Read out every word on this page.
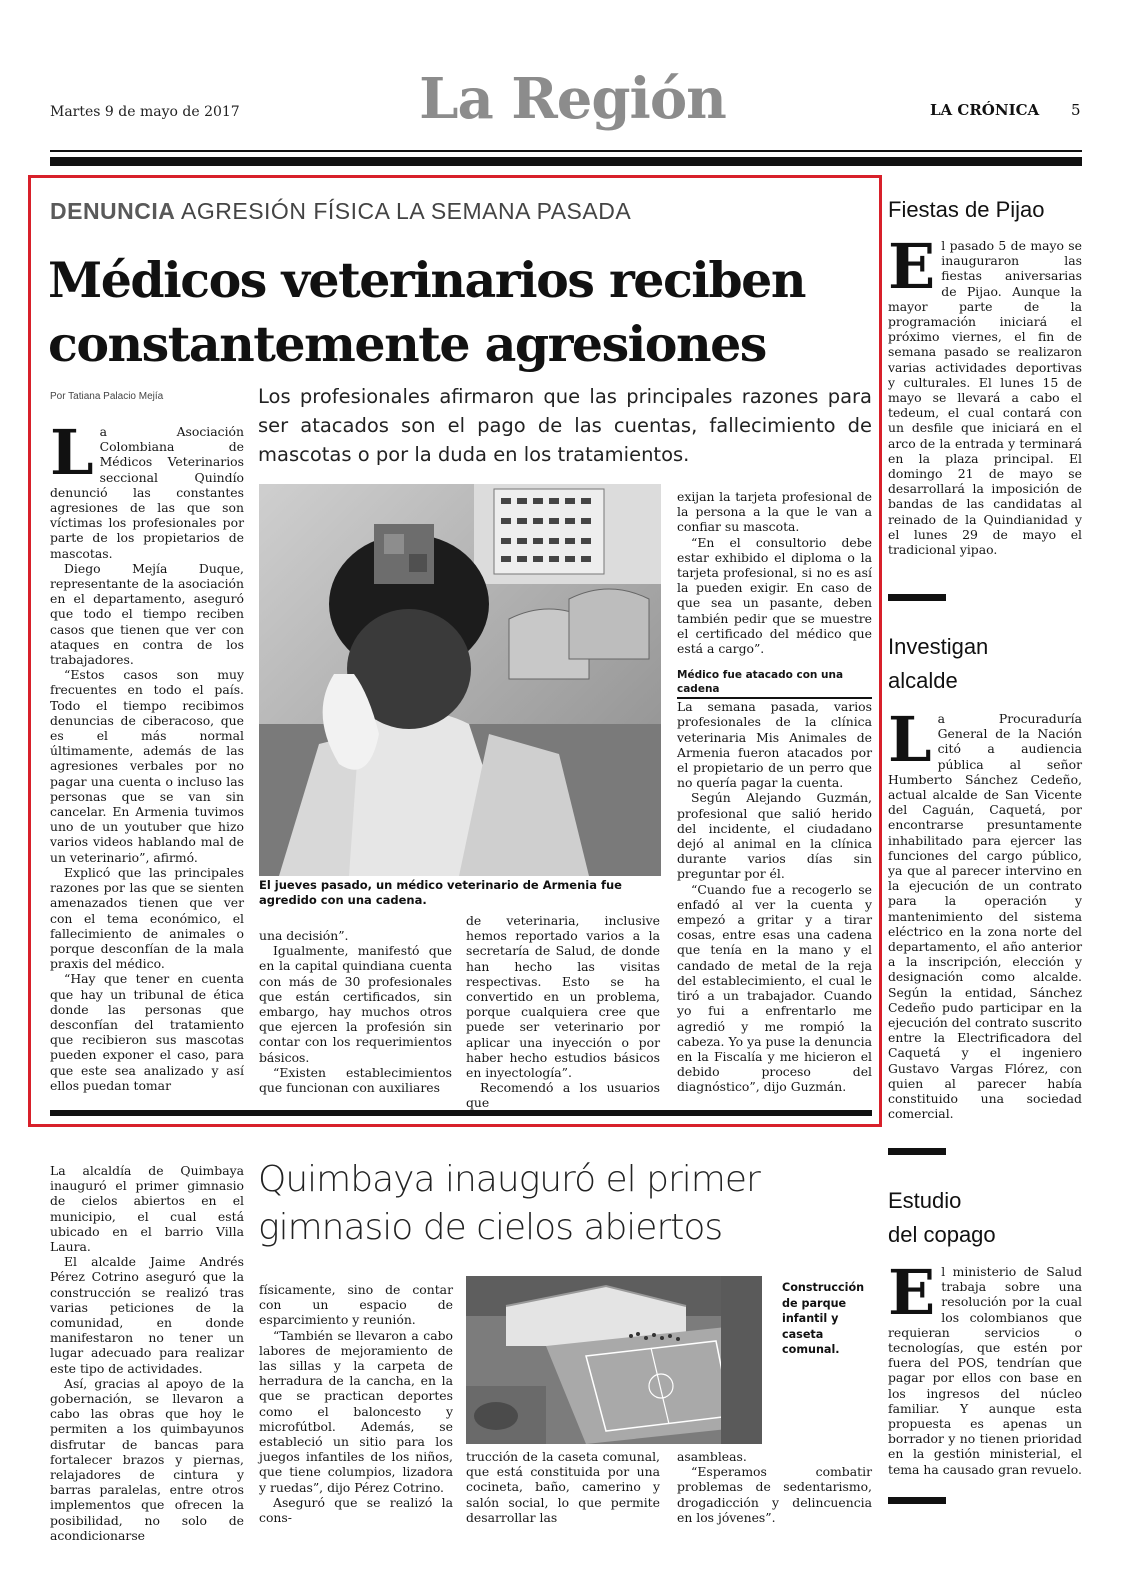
Martes 9 de mayo de 2017	La Región	LA CRÓNICA 5
DENUNCIA AGRESIÓN FÍSICA LA SEMANA PASADA
Médicos veterinarios reciben
constantemente agresiones
Por Tatiana Palacio Mejía	Los profesionales afirmaron que las principales razones para ser atacados son el pago de las cuentas, fallecimiento de mascotas o por la duda en los tratamientos.

La Asociación Colombiana de Médicos Veterinarios seccional Quindío denunció las constantes agresiones de las que son víctimas los profesionales por parte de los propietarios de mascotas.

Diego Mejía Duque, representante de la asociación en el departamento, aseguró que todo el tiempo reciben casos que tienen que ver con ataques en contra de los trabajadores.

“Estos casos son muy frecuentes en todo el país. Todo el tiempo recibimos denuncias de ciberacoso, que es el más normal últimamente, además de las agresiones verbales por no pagar una cuenta o incluso las personas que se van sin cancelar. En Armenia tuvimos uno de un youtuber que hizo varios videos hablando mal de un veterinario”, afirmó.

Explicó que las principales razones por las que se sienten amenazados tienen que ver con el tema económico, el fallecimiento de animales o porque desconfían de la mala praxis del médico.

“Hay que tener en cuenta que hay un tribunal de ética donde las personas que desconfían del tratamiento que recibieron sus mascotas pueden exponer el caso, para que este sea analizado y así ellos puedan tomar

El jueves pasado, un médico veterinario de Armenia fue agredido con una cadena.

una decisión”.

Igualmente, manifestó que en la capital quindiana cuenta con más de 30 profesionales que están certificados, sin embargo, hay muchos otros que ejercen la profesión sin contar con los requerimientos básicos.

“Existen establecimientos que funcionan con auxiliares

de veterinaria, inclusive hemos reportado varios a la secretaría de Salud, de donde han hecho las visitas respectivas. Esto se ha convertido en un problema, porque cualquiera cree que puede ser veterinario por aplicar una inyección o por haber hecho estudios básicos en inyectología”.

Recomendó a los usuarios que

exijan la tarjeta profesional de la persona a la que le van a confiar su mascota.

“En el consultorio debe estar exhibido el diploma o la tarjeta profesional, si no es así la pueden exigir. En caso de que sea un pasante, deben también pedir que se muestre el certificado del médico que está a cargo”.

Médico fue atacado con una cadena

La semana pasada, varios profesionales de la clínica veterinaria Mis Animales de Armenia fueron atacados por el propietario de un perro que no quería pagar la cuenta.

Según Alejando Guzmán, profesional que salió herido del incidente, el ciudadano dejó al animal en la clínica durante varios días sin preguntar por él.

“Cuando fue a recogerlo se enfadó al ver la cuenta y empezó a gritar y a tirar cosas, entre esas una cadena que tenía en la mano y el candado de metal de la reja del establecimiento, el cual le tiró a un trabajador. Cuando yo fui a enfrentarlo me agredió y me rompió la cabeza. Yo ya puse la denuncia en la Fiscalía y me hicieron el debido proceso del diagnóstico”, dijo Guzmán.

La alcaldía de Quimbaya inauguró el primer gimnasio de cielos abiertos en el municipio, el cual está ubicado en el barrio Villa Laura.

El alcalde Jaime Andrés Pérez Cotrino aseguró que la construcción se realizó tras varias peticiones de la comunidad, en donde manifestaron no tener un lugar adecuado para realizar este tipo de actividades.

Así, gracias al apoyo de la gobernación, se llevaron a cabo las obras que hoy le permiten a los quimbayunos disfrutar de bancas para fortalecer brazos y piernas, relajadores de cintura y barras paralelas, entre otros implementos que ofrecen la posibilidad, no solo de acondicionarse

Quimbaya inauguró el primer gimnasio de cielos abiertos

físicamente, sino de contar con un espacio de esparcimiento y reunión.

“También se llevaron a cabo labores de mejoramiento de las sillas y la carpeta de herradura de la cancha, en la que se practican deportes como el baloncesto y microfútbol. Además, se estableció un sitio para los juegos infantiles de los niños, que tiene columpios, lizadora y ruedas”, dijo Pérez Cotrino.

Aseguró que se realizó la cons-

Construcción de parque infantil y caseta comunal.

trucción de la caseta comunal, que está constituida por una cocineta, baño, camerino y salón social, lo que permite desarrollar las

asambleas.

“Esperamos combatir problemas de sedentarismo, drogadicción y delincuencia en los jóvenes”.

Fiestas de Pijao

El pasado 5 de mayo se inauguraron las fiestas aniversarias de Pijao. Aunque la mayor parte de la programación iniciará el próximo viernes, el fin de semana pasado se realizaron varias actividades deportivas y culturales. El lunes 15 de mayo se llevará a cabo el tedeum, el cual contará con un desfile que iniciará en el arco de la entrada y terminará en la plaza principal. El domingo 21 de mayo se desarrollará la imposición de bandas de las candidatas al reinado de la Quindianidad y el lunes 29 de mayo el tradicional yipao.

Investigan
alcalde

La Procuraduría General de la Nación citó a audiencia pública al señor Humberto Sánchez Cedeño, actual alcalde de San Vicente del Caguán, Caquetá, por encontrarse presuntamente inhabilitado para ejercer las funciones del cargo público, ya que al parecer intervino en la ejecución de un contrato para la operación y mantenimiento del sistema eléctrico en la zona norte del departamento, el año anterior a la inscripción, elección y designación como alcalde. Según la entidad, Sánchez Cedeño pudo participar en la ejecución del contrato suscrito entre la Electrificadora del Caquetá y el ingeniero Gustavo Vargas Flórez, con quien al parecer había constituido una sociedad comercial.

Estudio
del copago

El ministerio de Salud trabaja sobre una resolución por la cual los colombianos que requieran servicios o tecnologías, que estén por fuera del POS, tendrían que pagar por ellos con base en los ingresos del núcleo familiar. Y aunque esta propuesta es apenas un borrador y no tienen prioridad en la gestión ministerial, el tema ha causado gran revuelo.
